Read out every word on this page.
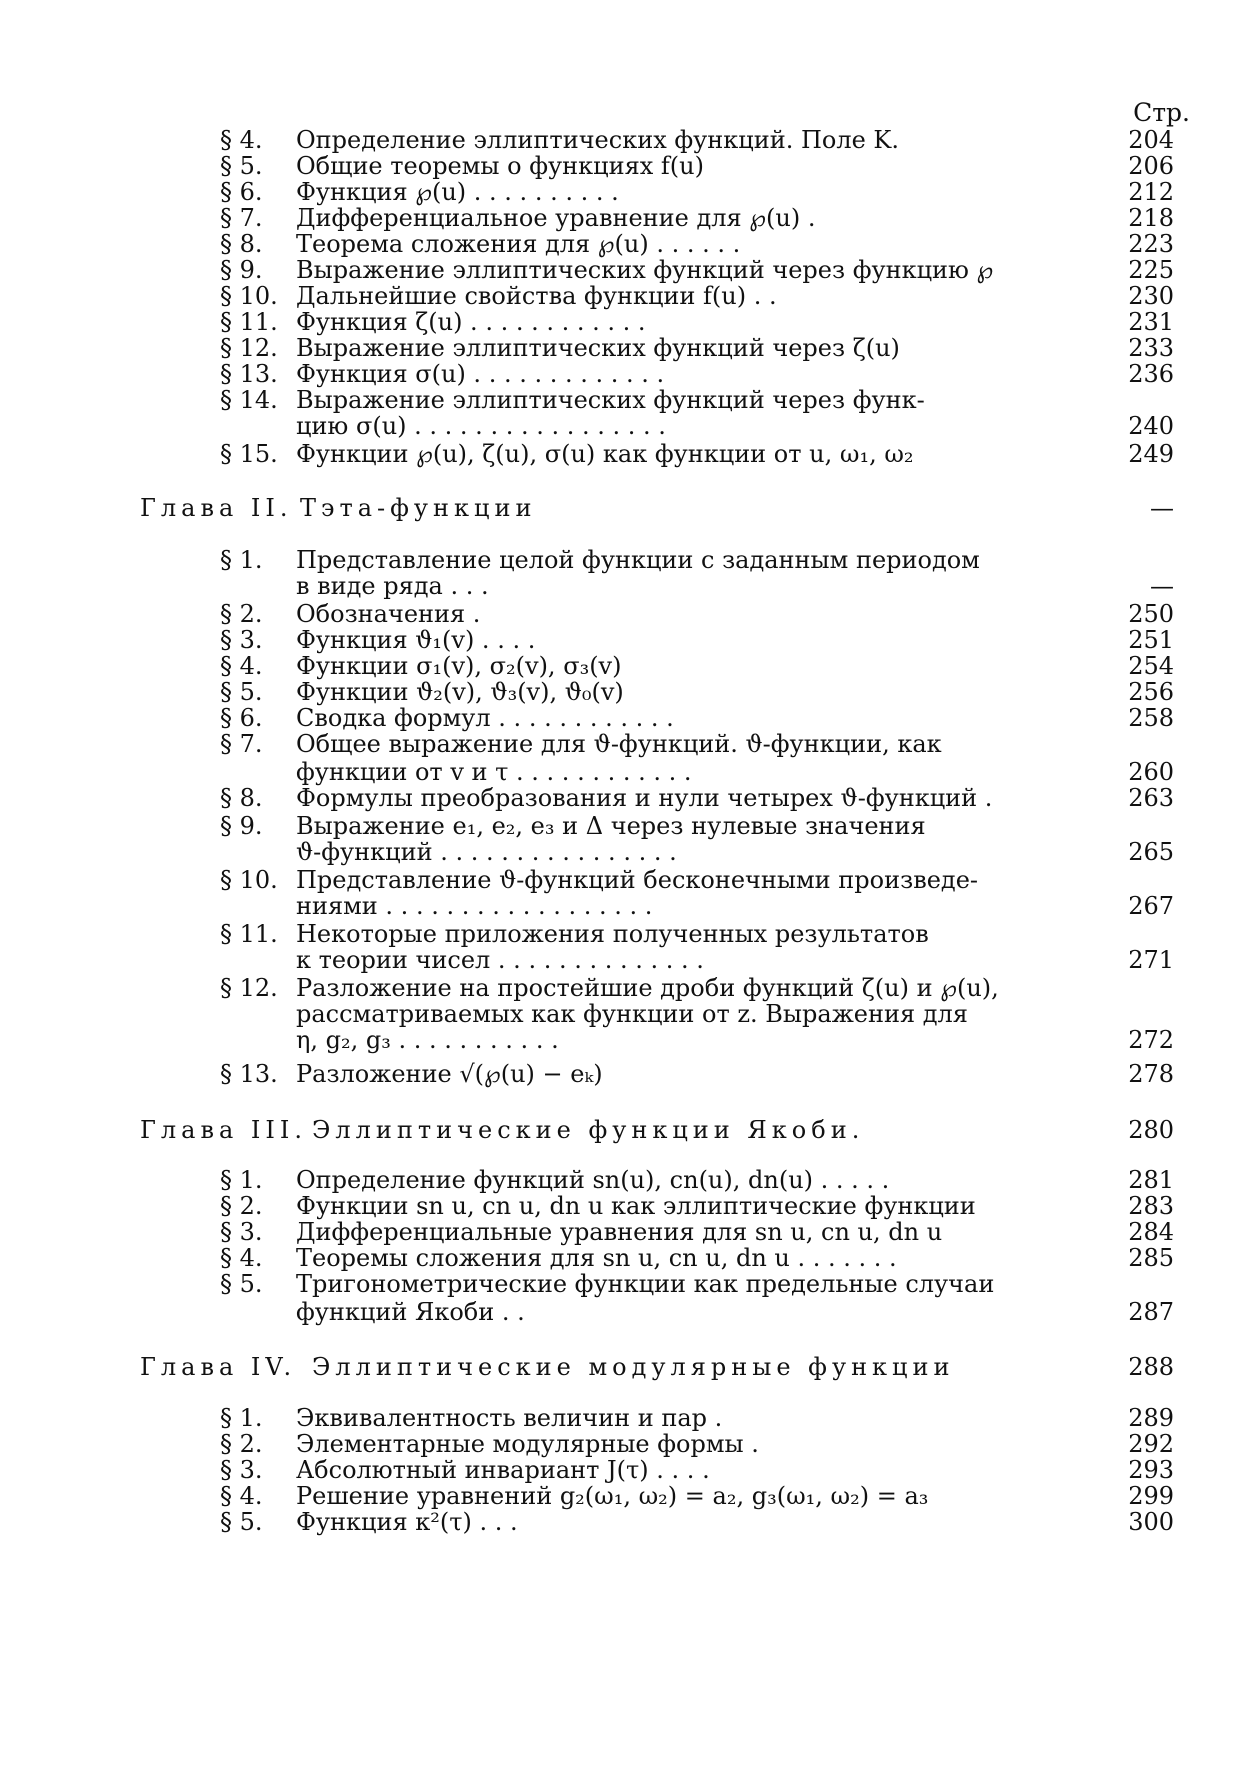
Стр.
§ 4.	Определение эллиптических функций. Поле K.	204
§ 5.	Общие теоремы о функциях f(u)	206
§ 6.	Функция ℘(u) . . . . . . . . . .	212
§ 7.	Дифференциальное уравнение для ℘(u) .	218
§ 8.	Теорема сложения для ℘(u) . . . . . .	223
§ 9.	Выражение эллиптических функций через функцию ℘	225
§ 10. Дальнейшие свойства функции f(u) . .	230
§ 11. Функция ζ(u) . . . . . . . . . . . .	231
§ 12. Выражение эллиптических функций через ζ(u)	233
§ 13. Функция σ(u) . . . . . . . . . . . . .	236
§ 14. Выражение эллиптических функций через функ-
цию σ(u) . . . . . . . . . . . . . . . . .	240
§ 15. Функции ℘(u), ζ(u), σ(u) как функции от u, ω₁, ω₂	249
Глава II. Тэта-функции	—
§ 1.	Представление целой функции с заданным периодом
в виде ряда . . .	—
§ 2.	Обозначения .	250
§ 3.	Функция ϑ₁(v) . . . .	251
§ 4.	Функции σ₁(v), σ₂(v), σ₃(v)	254
§ 5.	Функции ϑ₂(v), ϑ₃(v), ϑ₀(v)	256
§ 6.	Сводка формул . . . . . . . . . . . .	258
§ 7.	Общее выражение для ϑ-функций. ϑ-функции, как
функции от v и τ . . . . . . . . . . . .	260
§ 8.	Формулы преобразования и нули четырех ϑ-функций .	263
§ 9.	Выражение e₁, e₂, e₃ и Δ через нулевые значения
ϑ-функций . . . . . . . . . . . . . . . .	265
§ 10. Представление ϑ-функций бесконечными произведе-
ниями . . . . . . . . . . . . . . . . . .	267
§ 11. Некоторые приложения полученных результатов
к теории чисел . . . . . . . . . . . . . .	271
§ 12. Разложение на простейшие дроби функций ζ(u) и ℘(u),
рассматриваемых как функции от z. Выражения для
η, g₂, g₃ . . . . . . . . . . .	272
§ 13. Разложение √(℘(u) − eₖ)	278
Глава III. Эллиптические функции Якоби.	280
§ 1.	Определение функций sn(u), cn(u), dn(u) . . . . .	281
§ 2.	Функции sn u, cn u, dn u как эллиптические функции	283
§ 3.	Дифференциальные уравнения для sn u, cn u, dn u	284
§ 4.	Теоремы сложения для sn u, cn u, dn u . . . . . . .	285
§ 5.	Тригонометрические функции как предельные случаи
функций Якоби . .	287
Глава IV. Эллиптические модулярные функции	288
§ 1.	Эквивалентность величин и пар .	289
§ 2.	Элементарные модулярные формы .	292
§ 3.	Абсолютный инвариант J(τ) . . . .	293
§ 4.	Решение уравнений g₂(ω₁, ω₂) = a₂, g₃(ω₁, ω₂) = a₃	299
§ 5.	Функция κ²(τ) . . .	300
